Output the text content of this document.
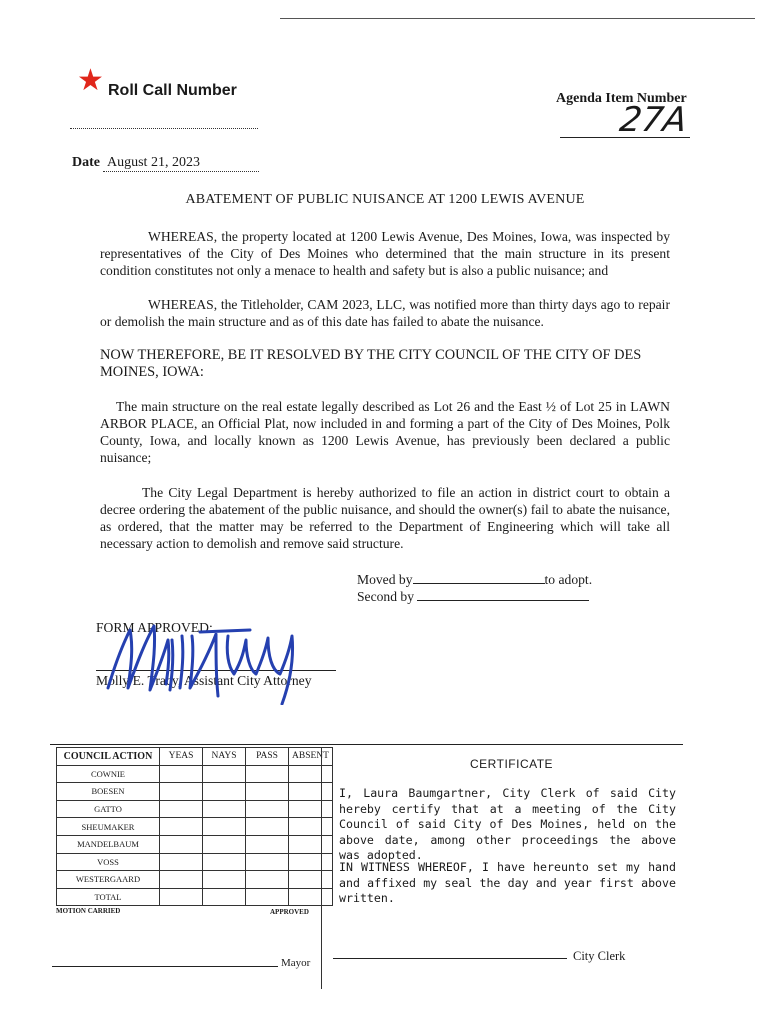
★ Roll Call Number	Agenda Item Number
27A
Date August 21, 2023
ABATEMENT OF PUBLIC NUISANCE AT 1200 LEWIS AVENUE
WHEREAS, the property located at 1200 Lewis Avenue, Des Moines, Iowa, was inspected by representatives of the City of Des Moines who determined that the main structure in its present condition constitutes not only a menace to health and safety but is also a public nuisance; and
WHEREAS, the Titleholder, CAM 2023, LLC, was notified more than thirty days ago to repair or demolish the main structure and as of this date has failed to abate the nuisance.
NOW THEREFORE, BE IT RESOLVED BY THE CITY COUNCIL OF THE CITY OF DES MOINES, IOWA:
The main structure on the real estate legally described as Lot 26 and the East ½ of Lot 25 in LAWN ARBOR PLACE, an Official Plat, now included in and forming a part of the City of Des Moines, Polk County, Iowa, and locally known as 1200 Lewis Avenue, has previously been declared a public nuisance;
The City Legal Department is hereby authorized to file an action in district court to obtain a decree ordering the abatement of the public nuisance, and should the owner(s) fail to abate the nuisance, as ordered, that the matter may be referred to the Department of Engineering which will take all necessary action to demolish and remove said structure.
Moved by	to adopt.
Second by
FORM APPROVED:
Molly E. Tracy, Assistant City Attorney
COUNCIL ACTION	YEAS	NAYS	PASS	ABSENT
COWNIE				
BOESEN				
GATTO				
SHEUMAKER				
MANDELBAUM				
VOSS				
WESTERGAARD				
TOTAL				
MOTION CARRIED	APPROVED
Mayor
CERTIFICATE
I, Laura Baumgartner, City Clerk of said City hereby certify that at a meeting of the City Council of said City of Des Moines, held on the above date, among other proceedings the above was adopted.
IN WITNESS WHEREOF, I have hereunto set my hand and affixed my seal the day and year first above written.
City Clerk
